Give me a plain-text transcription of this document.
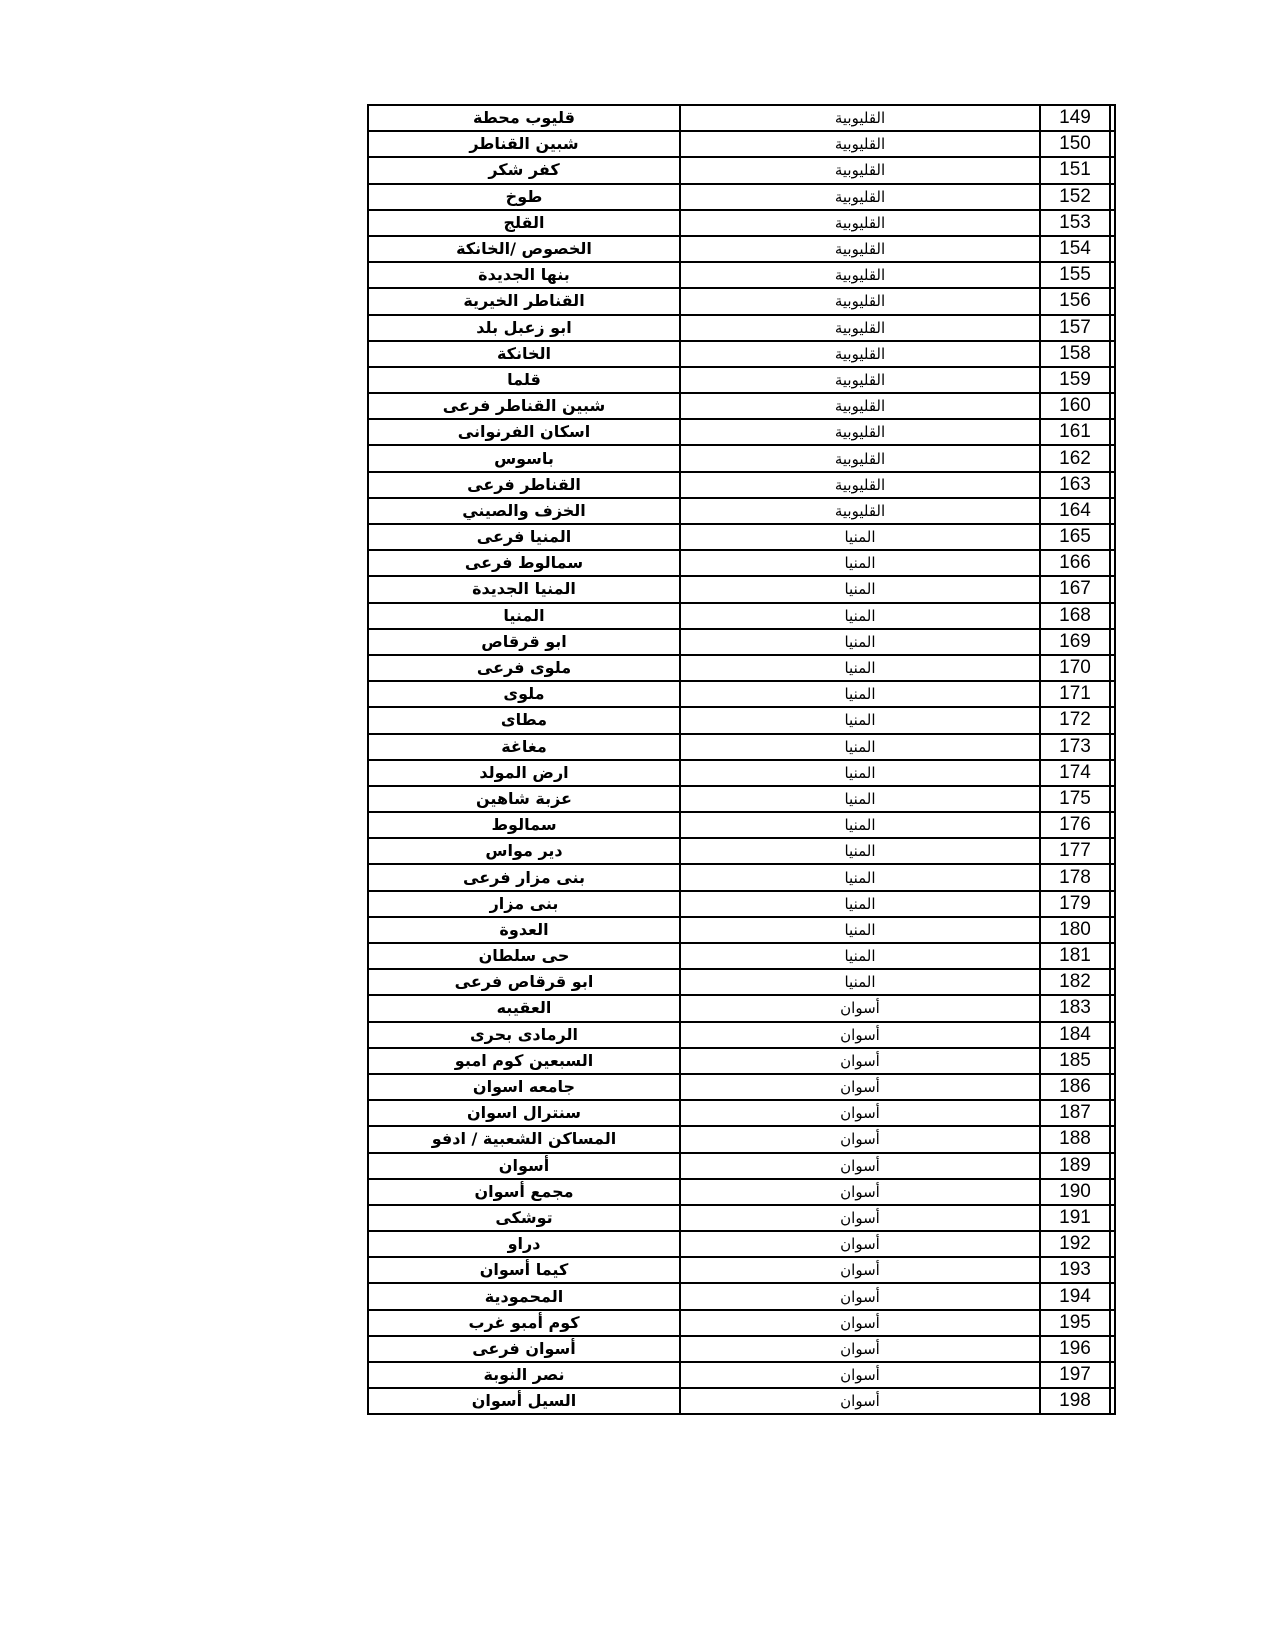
قليوب محطة	القليوبية	149	
شبين القناطر	القليوبية	150	
كفر شكر	القليوبية	151	
طوخ	القليوبية	152	
القلج	القليوبية	153	
الخصوص /الخانكة	القليوبية	154	
بنها الجديدة	القليوبية	155	
القناطر الخيرية	القليوبية	156	
ابو زعبل بلد	القليوبية	157	
الخانكة	القليوبية	158	
قلما	القليوبية	159	
شبين القناطر فرعى	القليوبية	160	
اسكان الفرنوانى	القليوبية	161	
باسوس	القليوبية	162	
القناطر فرعى	القليوبية	163	
الخزف والصيني	القليوبية	164	
المنيا فرعى	المنيا	165	
سمالوط فرعى	المنيا	166	
المنيا الجديدة	المنيا	167	
المنيا	المنيا	168	
ابو قرقاص	المنيا	169	
ملوى فرعى	المنيا	170	
ملوى	المنيا	171	
مطاى	المنيا	172	
مغاغة	المنيا	173	
ارض المولد	المنيا	174	
عزبة شاهين	المنيا	175	
سمالوط	المنيا	176	
دير مواس	المنيا	177	
بنى مزار فرعى	المنيا	178	
بنى مزار	المنيا	179	
العدوة	المنيا	180	
حى سلطان	المنيا	181	
ابو قرقاص فرعى	المنيا	182	
العقيبه	أسوان	183	
الرمادى بحرى	أسوان	184	
السبعين كوم امبو	أسوان	185	
جامعه اسوان	أسوان	186	
سنترال اسوان	أسوان	187	
المساكن الشعبية / ادفو	أسوان	188	
أسوان	أسوان	189	
مجمع أسوان	أسوان	190	
توشكى	أسوان	191	
دراو	أسوان	192	
كيما أسوان	أسوان	193	
المحمودية	أسوان	194	
كوم أمبو غرب	أسوان	195	
أسوان فرعى	أسوان	196	
نصر النوبة	أسوان	197	
السيل أسوان	أسوان	198	
